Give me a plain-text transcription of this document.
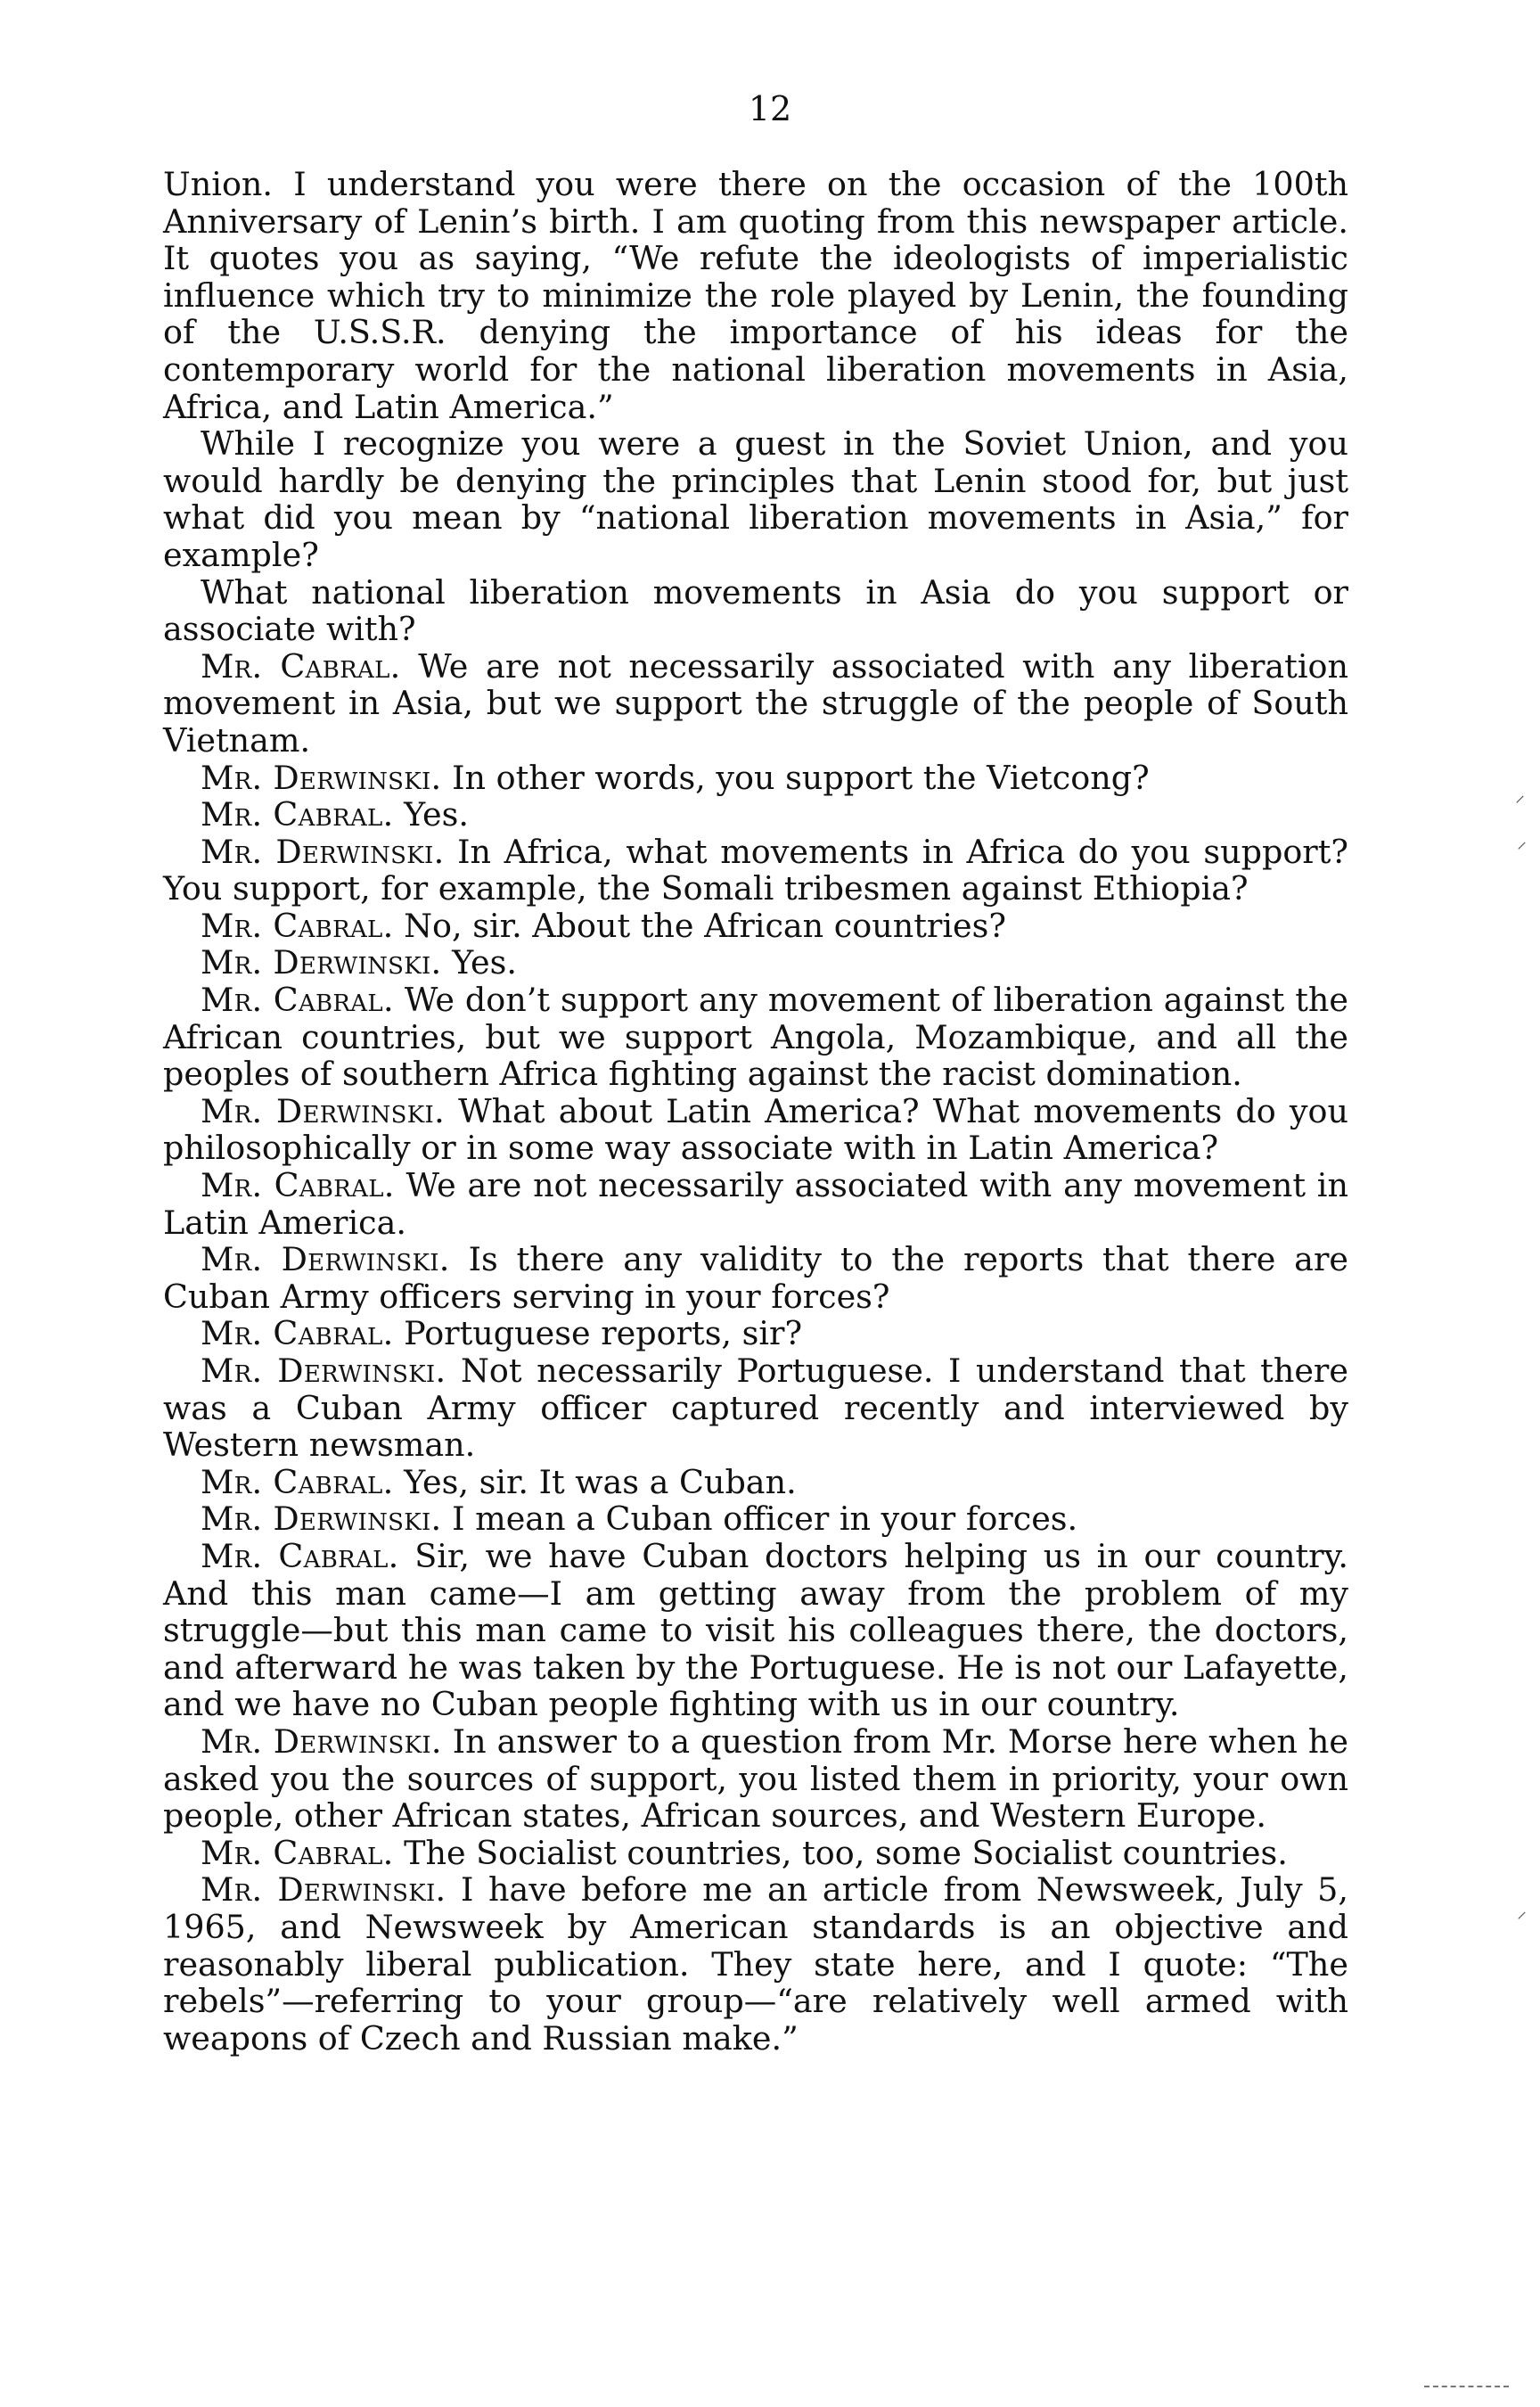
12

Union. I understand you were there on the occasion of the 100th Anniversary of Lenin’s birth. I am quoting from this newspaper article. It quotes you as saying, “We refute the ideologists of imperialistic influence which try to minimize the role played by Lenin, the founding of the U.S.S.R. denying the importance of his ideas for the contemporary world for the national liberation movements in Asia, Africa, and Latin America.”

While I recognize you were a guest in the Soviet Union, and you would hardly be denying the principles that Lenin stood for, but just what did you mean by “national liberation movements in Asia,” for example?

What national liberation movements in Asia do you support or associate with?

Mr. Cabral. We are not necessarily associated with any liberation movement in Asia, but we support the struggle of the people of South Vietnam.

Mr. Derwinski. In other words, you support the Vietcong?

Mr. Cabral. Yes.

Mr. Derwinski. In Africa, what movements in Africa do you support? You support, for example, the Somali tribesmen against Ethiopia?

Mr. Cabral. No, sir. About the African countries?

Mr. Derwinski. Yes.

Mr. Cabral. We don’t support any movement of liberation against the African countries, but we support Angola, Mozambique, and all the peoples of southern Africa fighting against the racist domination.

Mr. Derwinski. What about Latin America? What movements do you philosophically or in some way associate with in Latin America?

Mr. Cabral. We are not necessarily associated with any movement in Latin America.

Mr. Derwinski. Is there any validity to the reports that there are Cuban Army officers serving in your forces?

Mr. Cabral. Portuguese reports, sir?

Mr. Derwinski. Not necessarily Portuguese. I understand that there was a Cuban Army officer captured recently and interviewed by Western newsman.

Mr. Cabral. Yes, sir. It was a Cuban.

Mr. Derwinski. I mean a Cuban officer in your forces.

Mr. Cabral. Sir, we have Cuban doctors helping us in our country. And this man came—I am getting away from the problem of my struggle—but this man came to visit his colleagues there, the doctors, and afterward he was taken by the Portuguese. He is not our Lafayette, and we have no Cuban people fighting with us in our country.

Mr. Derwinski. In answer to a question from Mr. Morse here when he asked you the sources of support, you listed them in priority, your own people, other African states, African sources, and Western Europe.

Mr. Cabral. The Socialist countries, too, some Socialist countries.

Mr. Derwinski. I have before me an article from Newsweek, July 5, 1965, and Newsweek by American standards is an objective and reasonably liberal publication. They state here, and I quote: “The rebels”—referring to your group—“are relatively well armed with weapons of Czech and Russian make.”

⸝
⸝
⸝
